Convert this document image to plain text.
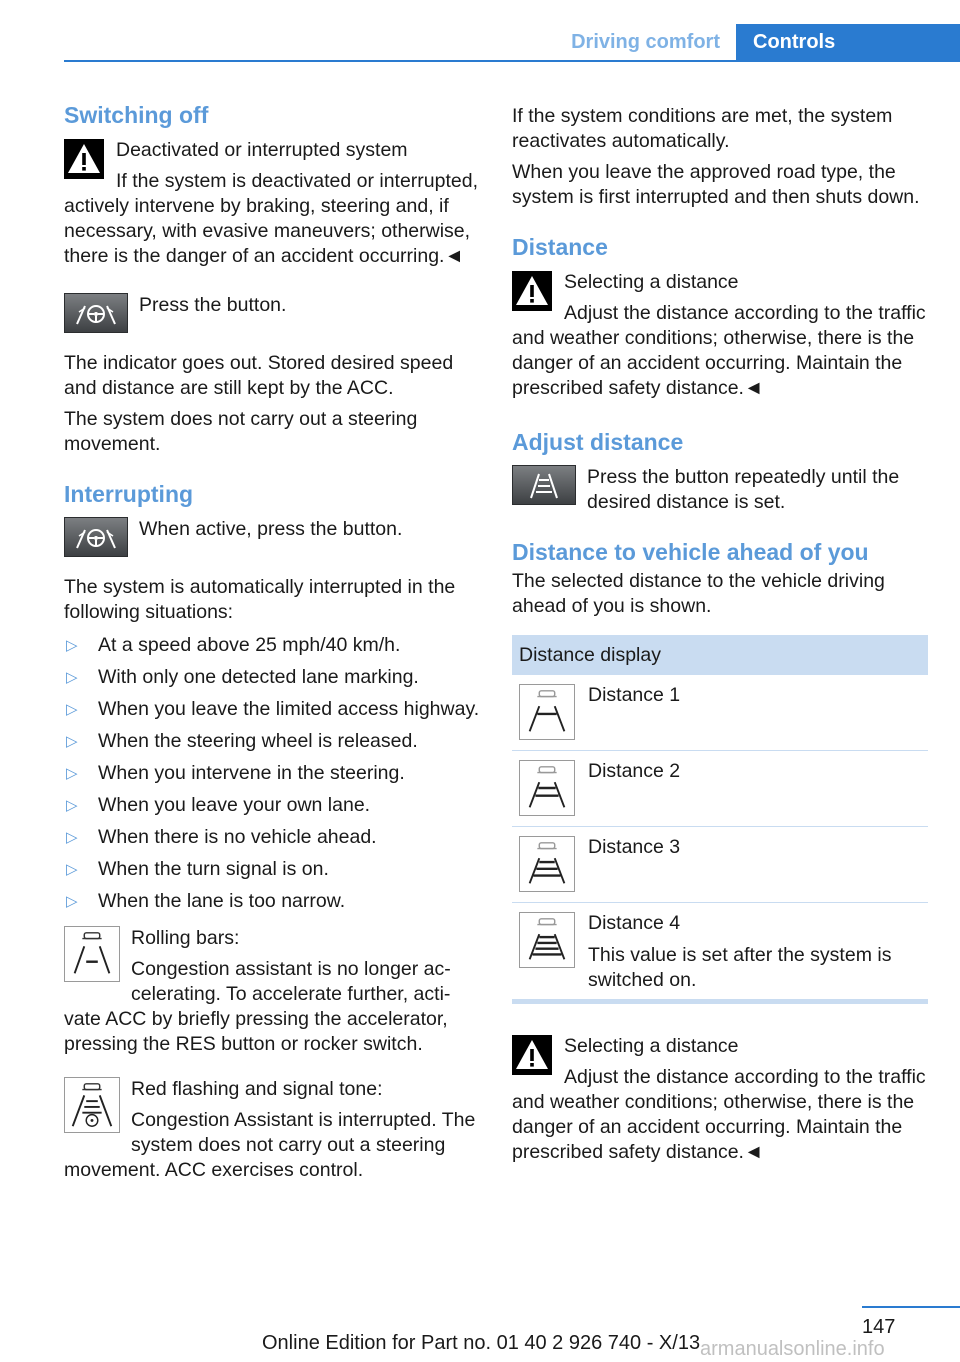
Driving comfort	Controls
Switching off
Deactivated or interrupted system
If the system is deactivated or interrupted, actively intervene by braking, steering and, if necessary, with evasive maneuvers; otherwise, there is the danger of an accident occurring.◄
Press the button.

The indicator goes out. Stored desired speed and distance are still kept by the ACC.

The system does not carry out a steering movement.

Interrupting
When active, press the button.

The system is automatically interrupted in the following situations:

▷ At a speed above 25 mph/40 km/h.
▷ With only one detected lane marking.
▷ When you leave the limited access highway.
▷ When the steering wheel is released.
▷ When you intervene in the steering.
▷ When you leave your own lane.
▷ When there is no vehicle ahead.
▷ When the turn signal is on.
▷ When the lane is too narrow.
Rolling bars:
Congestion assistant is no longer accelerating. To accelerate further, activate ACC by briefly pressing the accelerator, pressing the RES button or rocker switch.
Red flashing and signal tone:
Congestion Assistant is interrupted. The system does not carry out a steering movement. ACC exercises control.

If the system conditions are met, the system reactivates automatically.

When you leave the approved road type, the system is first interrupted and then shuts down.

Distance
Selecting a distance
Adjust the distance according to the traffic and weather conditions; otherwise, there is the danger of an accident occurring. Maintain the prescribed safety distance.◄
Adjust distance
Press the button repeatedly until the desired distance is set.
Distance to vehicle ahead of you

The selected distance to the vehicle driving ahead of you is shown.

Distance display
Distance 1
Distance 2
Distance 3
Distance 4
This value is set after the system is switched on.
Selecting a distance
Adjust the distance according to the traffic and weather conditions; otherwise, there is the danger of an accident occurring. Maintain the prescribed safety distance.◄
147
Online Edition for Part no. 01 40 2 926 740 - X/13 armanualsonline.info
